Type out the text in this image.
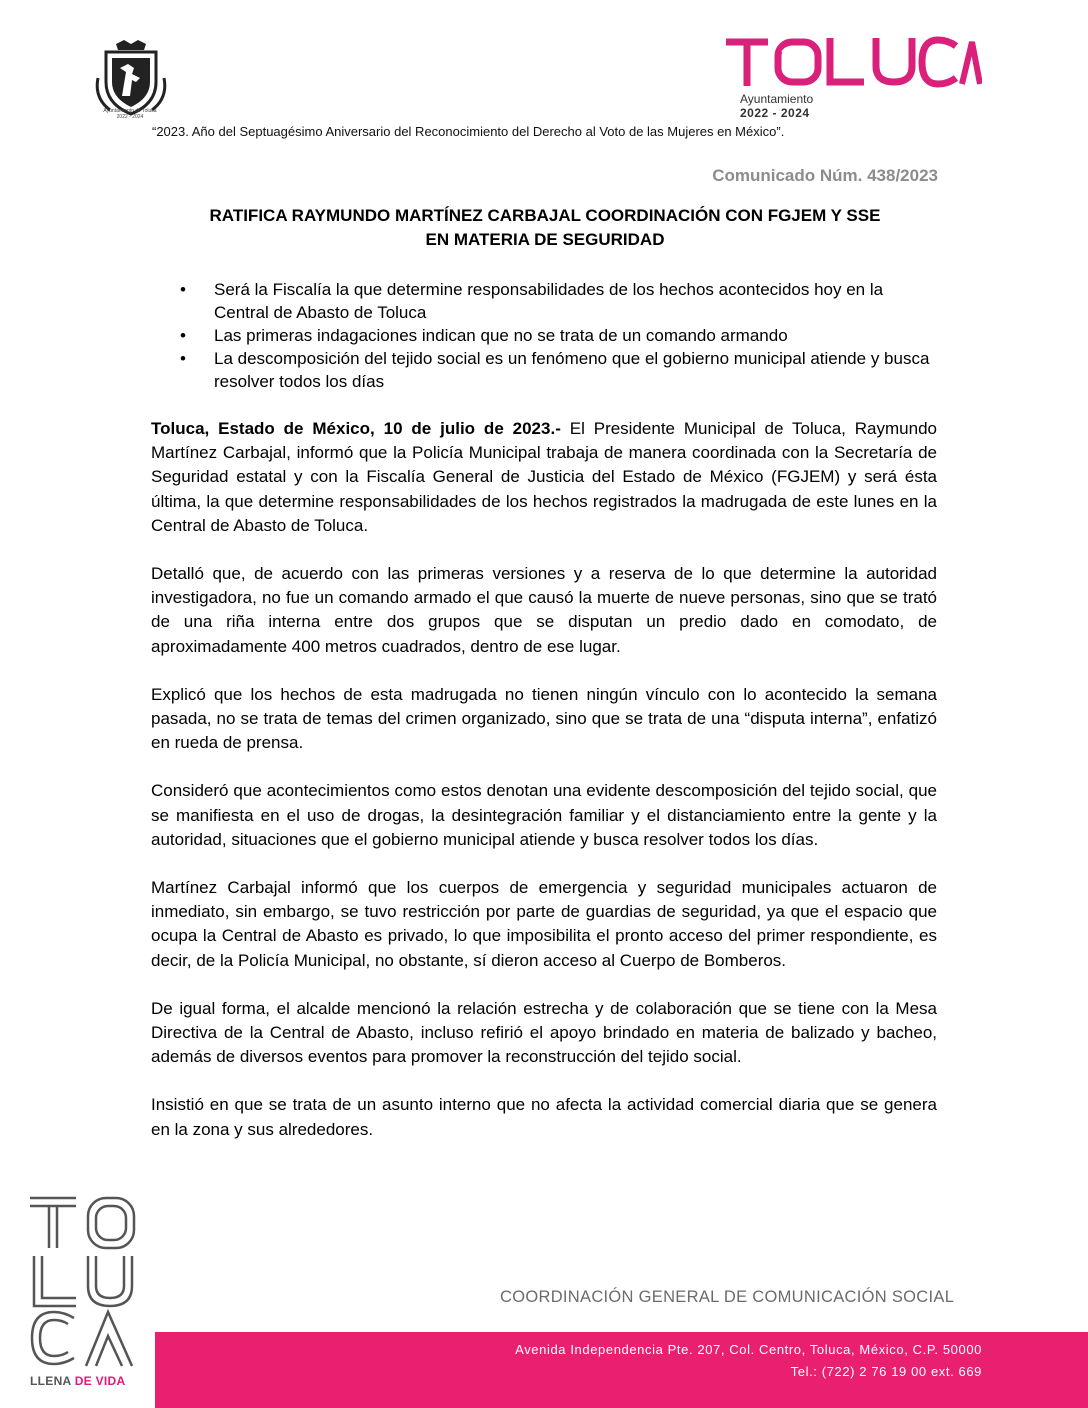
Ayuntamiento de Toluca
2022 - 2024
Ayuntamiento
2022 - 2024
“2023. Año del Septuagésimo Aniversario del Reconocimiento del Derecho al Voto de las Mujeres en México”.
Comunicado Núm. 438/2023
RATIFICA RAYMUNDO MARTÍNEZ CARBAJAL COORDINACIÓN CON FGJEM Y SSE
EN MATERIA DE SEGURIDAD
• Será la Fiscalía la que determine responsabilidades de los hechos acontecidos hoy en la Central de Abasto de Toluca
• Las primeras indagaciones indican que no se trata de un comando armando
• La descomposición del tejido social es un fenómeno que el gobierno municipal atiende y busca resolver todos los días

Toluca, Estado de México, 10 de julio de 2023.- El Presidente Municipal de Toluca, Raymundo Martínez Carbajal, informó que la Policía Municipal trabaja de manera coordinada con la Secretaría de Seguridad estatal y con la Fiscalía General de Justicia del Estado de México (FGJEM) y será ésta última, la que determine responsabilidades de los hechos registrados la madrugada de este lunes en la Central de Abasto de Toluca.

Detalló que, de acuerdo con las primeras versiones y a reserva de lo que determine la autoridad investigadora, no fue un comando armado el que causó la muerte de nueve personas, sino que se trató de una riña interna entre dos grupos que se disputan un predio dado en comodato, de aproximadamente 400 metros cuadrados, dentro de ese lugar.

Explicó que los hechos de esta madrugada no tienen ningún vínculo con lo acontecido la semana pasada, no se trata de temas del crimen organizado, sino que se trata de una “disputa interna”, enfatizó en rueda de prensa.

Consideró que acontecimientos como estos denotan una evidente descomposición del tejido social, que se manifiesta en el uso de drogas, la desintegración familiar y el distanciamiento entre la gente y la autoridad, situaciones que el gobierno municipal atiende y busca resolver todos los días.

Martínez Carbajal informó que los cuerpos de emergencia y seguridad municipales actuaron de inmediato, sin embargo, se tuvo restricción por parte de guardias de seguridad, ya que el espacio que ocupa la Central de Abasto es privado, lo que imposibilita el pronto acceso del primer respondiente, es decir, de la Policía Municipal, no obstante, sí dieron acceso al Cuerpo de Bomberos.

De igual forma, el alcalde mencionó la relación estrecha y de colaboración que se tiene con la Mesa Directiva de la Central de Abasto, incluso refirió el apoyo brindado en materia de balizado y bacheo, además de diversos eventos para promover la reconstrucción del tejido social.

Insistió en que se trata de un asunto interno que no afecta la actividad comercial diaria que se genera en la zona y sus alrededores.

LLENA DE VIDA
COORDINACIÓN GENERAL DE COMUNICACIÓN SOCIAL
Avenida Independencia Pte. 207, Col. Centro, Toluca, México, C.P. 50000
Tel.: (722) 2 76 19 00 ext. 669
